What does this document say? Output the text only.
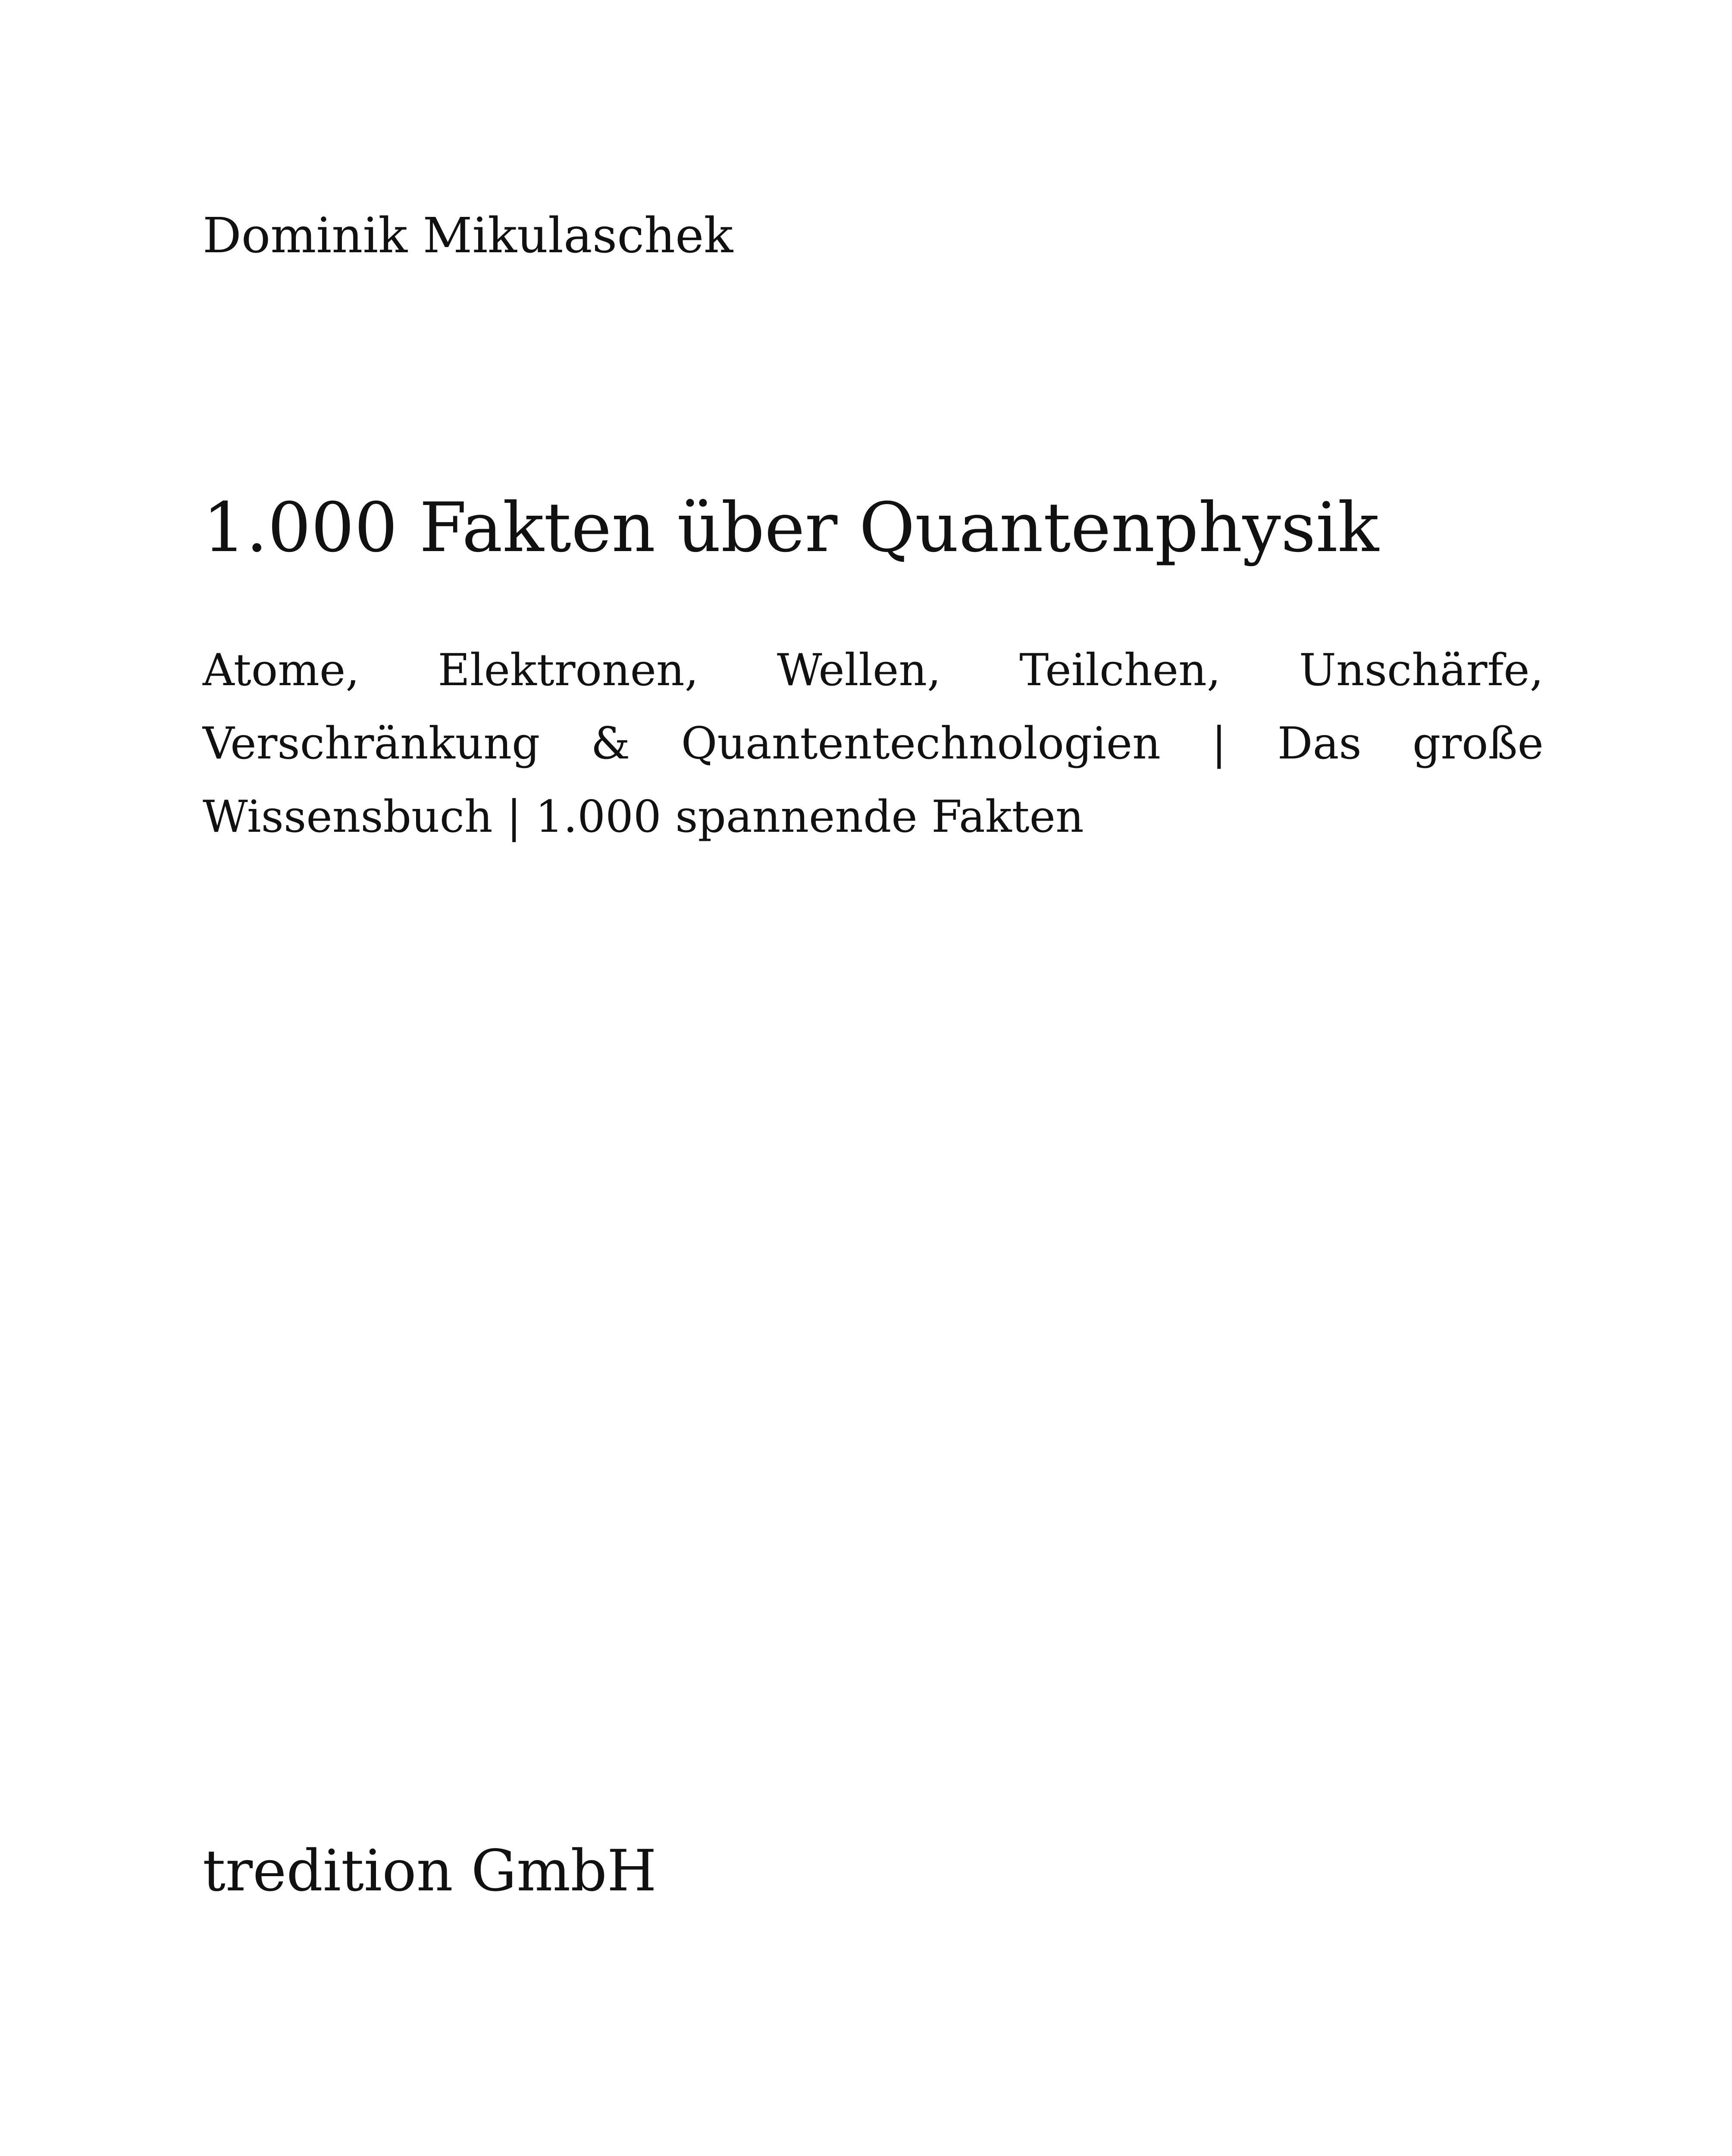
Dominik Mikulaschek
1.000 Fakten über Quantenphysik
Atome, Elektronen, Wellen, Teilchen, Unschärfe, Verschränkung & Quantentechnologien | Das große Wissensbuch | 1.000 spannende Fakten
tredition GmbH
